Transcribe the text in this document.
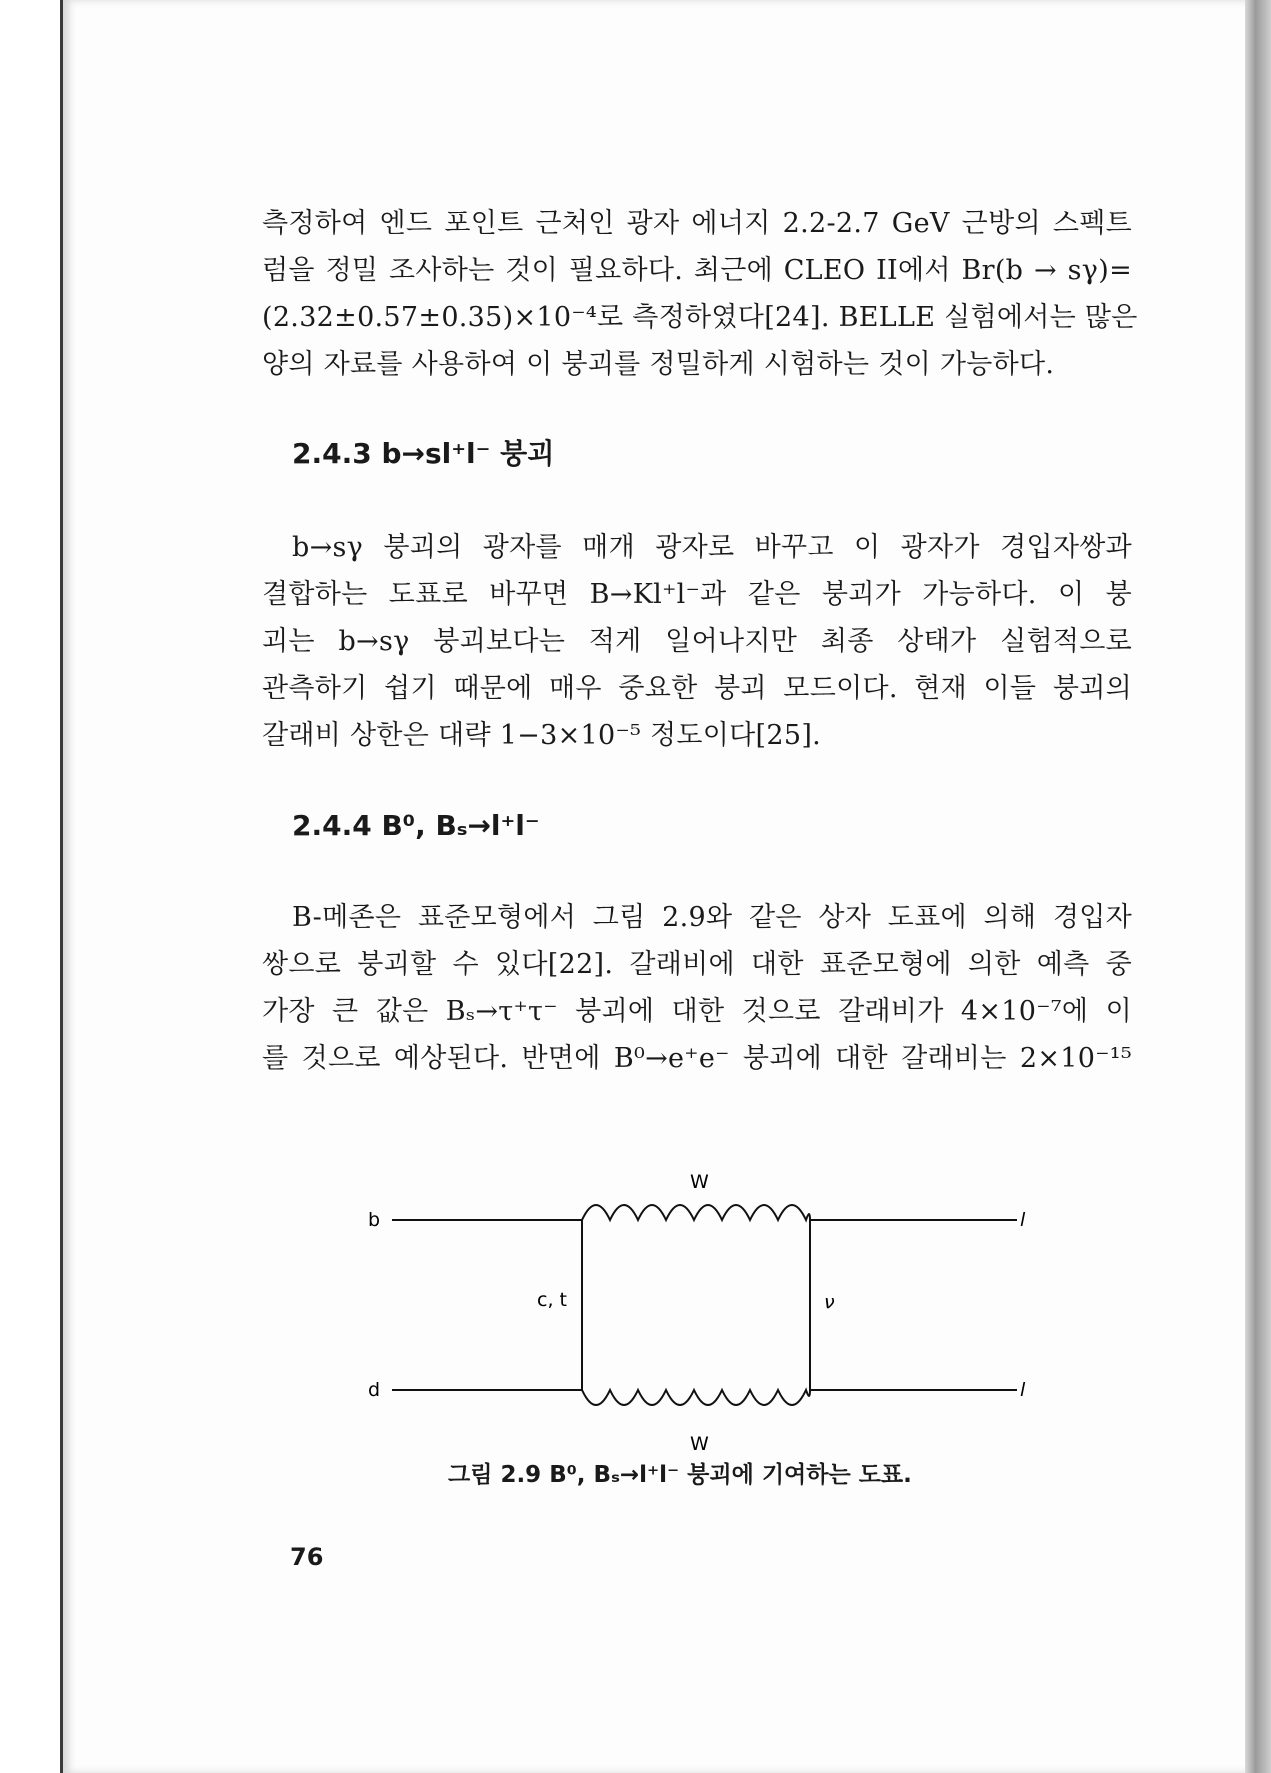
측정하여 엔드 포인트 근처인 광자 에너지 2.2-2.7 GeV 근방의 스펙트
럼을 정밀 조사하는 것이 필요하다. 최근에 CLEO II에서 Br(b → sγ)=
(2.32±0.57±0.35)×10⁻⁴로 측정하였다[24]. BELLE 실험에서는 많은
양의 자료를 사용하여 이 붕괴를 정밀하게 시험하는 것이 가능하다.

2.4.3 b→sl⁺l⁻ 붕괴

b→sγ 붕괴의 광자를 매개 광자로 바꾸고 이 광자가 경입자쌍과
결합하는 도표로 바꾸면 B→Kl⁺l⁻과 같은 붕괴가 가능하다. 이 붕
괴는 b→sγ 붕괴보다는 적게 일어나지만 최종 상태가 실험적으로
관측하기 쉽기 때문에 매우 중요한 붕괴 모드이다. 현재 이들 붕괴의
갈래비 상한은 대략 1−3×10⁻⁵ 정도이다[25].

2.4.4 B⁰, Bₛ→l⁺l⁻

B-메존은 표준모형에서 그림 2.9와 같은 상자 도표에 의해 경입자
쌍으로 붕괴할 수 있다[22]. 갈래비에 대한 표준모형에 의한 예측 중
가장 큰 값은 Bₛ→τ⁺τ⁻ 붕괴에 대한 것으로 갈래비가 4×10⁻⁷에 이
를 것으로 예상된다. 반면에 B⁰→e⁺e⁻ 붕괴에 대한 갈래비는 2×10⁻¹⁵

b
d
W
W
c, t	ν
l
l
그림 2.9 B⁰, Bₛ→l⁺l⁻ 붕괴에 기여하는 도표.
76
